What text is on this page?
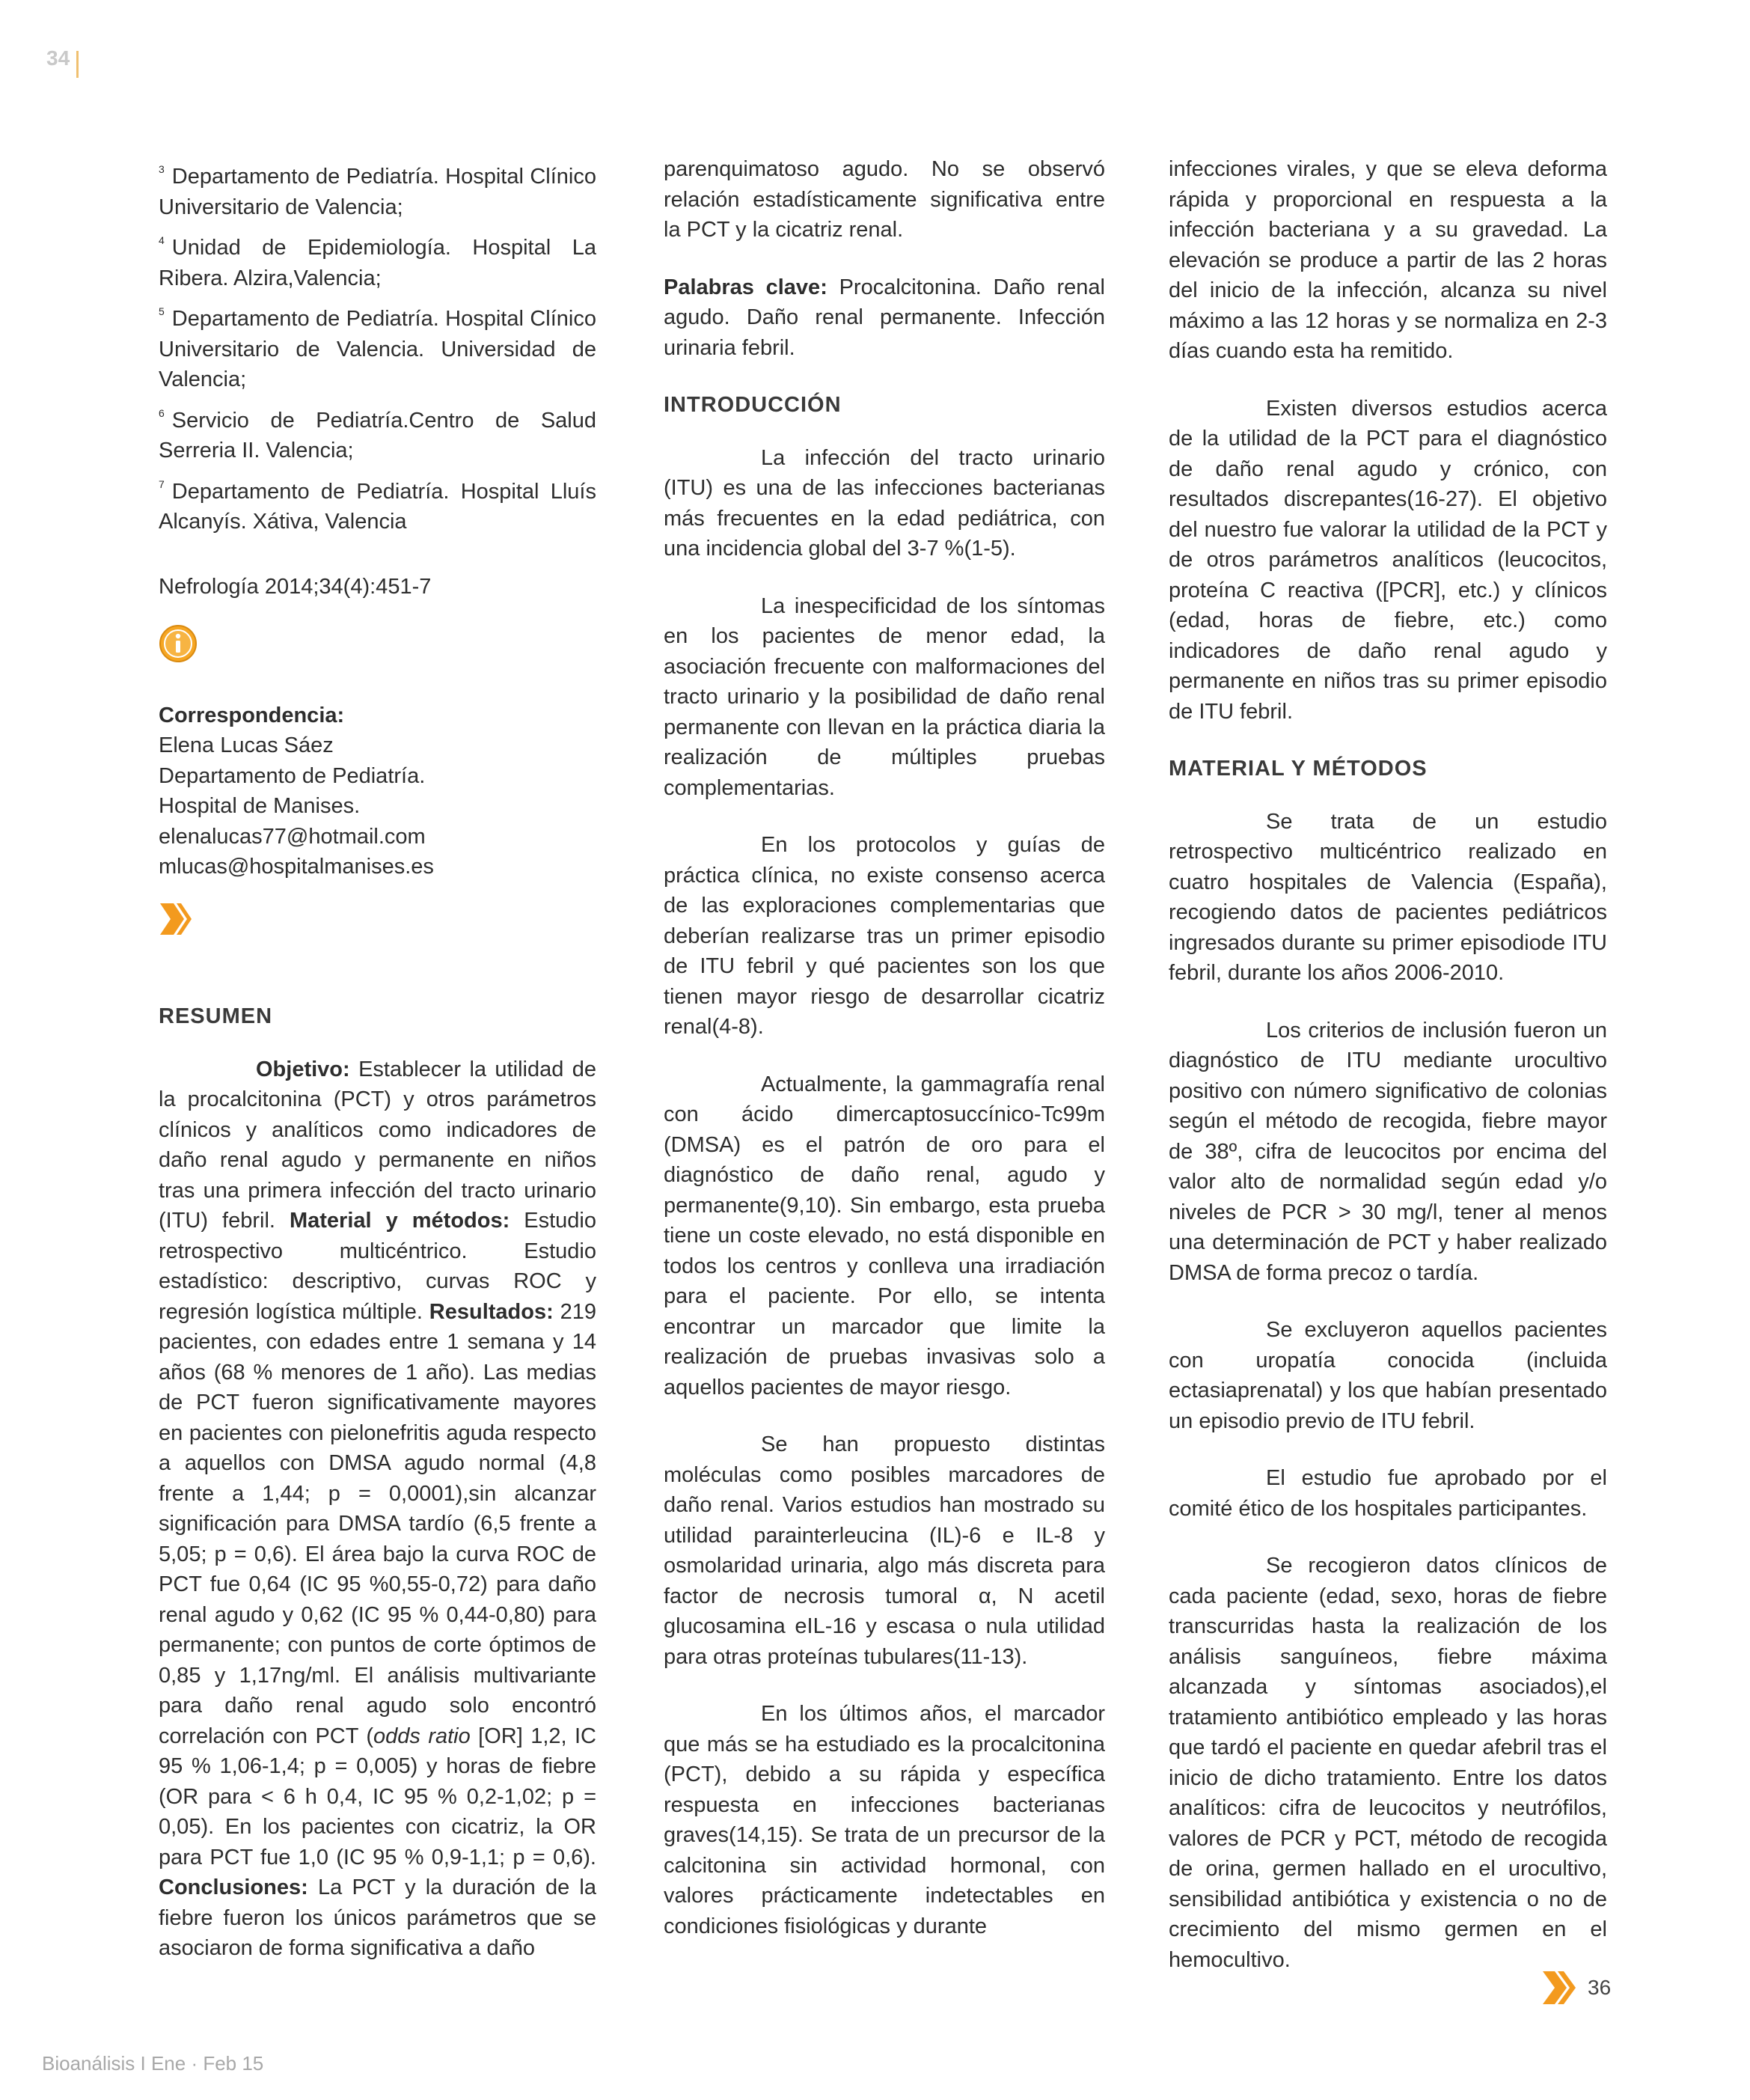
34
$^3$ Departamento de Pediatría. Hospital Clínico Universitario de Valencia;
$^4$ Unidad de Epidemiología. Hospital La Ribera. Alzira,Valencia;
$^5$ Departamento de Pediatría. Hospital Clínico Universitario de Valencia. Universidad de Valencia;
$^6$ Servicio de Pediatría.Centro de Salud Serreria II. Valencia;
$^7$ Departamento de Pediatría. Hospital Lluís Alcanyís. Xátiva, Valencia

Nefrología 2014;34(4):451-7

Correspondencia:
Elena Lucas Sáez
Departamento de Pediatría.
Hospital de Manises.
elenalucas77@hotmail.com
mlucas@hospitalmanises.es
RESUMEN

Objetivo: Establecer la utilidad de la procalcitonina (PCT) y otros parámetros clínicos y analíticos como indicadores de daño renal agudo y permanente en niños tras una primera infección del tracto urinario (ITU) febril. Material y métodos: Estudio retrospectivo multicéntrico. Estudio estadístico: descriptivo, curvas ROC y regresión logística múltiple. Resultados: 219 pacientes, con edades entre 1 semana y 14 años (68 % menores de 1 año). Las medias de PCT fueron significativamente mayores en pacientes con pielonefritis aguda respecto a aquellos con DMSA agudo normal (4,8 frente a 1,44; p = 0,0001),sin alcanzar significación para DMSA tardío (6,5 frente a 5,05; p = 0,6). El área bajo la curva ROC de PCT fue 0,64 (IC 95 %0,55-0,72) para daño renal agudo y 0,62 (IC 95 % 0,44-0,80) para permanente; con puntos de corte óptimos de 0,85 y 1,17ng/ml. El análisis multivariante para daño renal agudo solo encontró correlación con PCT (odds ratio [OR] 1,2, IC 95 % 1,06-1,4; p = 0,005) y horas de fiebre (OR para < 6 h 0,4, IC 95 % 0,2-1,02; p = 0,05). En los pacientes con cicatriz, la OR para PCT fue 1,0 (IC 95 % 0,9-1,1; p = 0,6). Conclusiones: La PCT y la duración de la fiebre fueron los únicos parámetros que se asociaron de forma significativa a daño

parenquimatoso agudo. No se observó relación estadísticamente significativa entre la PCT y la cicatriz renal.

Palabras clave: Procalcitonina. Daño renal agudo. Daño renal permanente. Infección urinaria febril.

INTRODUCCIÓN

La infección del tracto urinario (ITU) es una de las infecciones bacterianas más frecuentes en la edad pediátrica, con una incidencia global del 3-7 %(1-5).

La inespecificidad de los síntomas en los pacientes de menor edad, la asociación frecuente con malformaciones del tracto urinario y la posibilidad de daño renal permanente con llevan en la práctica diaria la realización de múltiples pruebas complementarias.

En los protocolos y guías de práctica clínica, no existe consenso acerca de las exploraciones complementarias que deberían realizarse tras un primer episodio de ITU febril y qué pacientes son los que tienen mayor riesgo de desarrollar cicatriz renal(4-8).

Actualmente, la gammagrafía renal con ácido dimercaptosuccínico-Tc99m (DMSA) es el patrón de oro para el diagnóstico de daño renal, agudo y permanente(9,10). Sin embargo, esta prueba tiene un coste elevado, no está disponible en todos los centros y conlleva una irradiación para el paciente. Por ello, se intenta encontrar un marcador que limite la realización de pruebas invasivas solo a aquellos pacientes de mayor riesgo.

Se han propuesto distintas moléculas como posibles marcadores de daño renal. Varios estudios han mostrado su utilidad parainterleucina (IL)-6 e IL-8 y osmolaridad urinaria, algo más discreta para factor de necrosis tumoral α, N acetil glucosamina eIL-16 y escasa o nula utilidad para otras proteínas tubulares(11-13).

En los últimos años, el marcador que más se ha estudiado es la procalcitonina (PCT), debido a su rápida y específica respuesta en infecciones bacterianas graves(14,15). Se trata de un precursor de la calcitonina sin actividad hormonal, con valores prácticamente indetectables en condiciones fisiológicas y durante

infecciones virales, y que se eleva deforma rápida y proporcional en respuesta a la infección bacteriana y a su gravedad. La elevación se produce a partir de las 2 horas del inicio de la infección, alcanza su nivel máximo a las 12 horas y se normaliza en 2-3 días cuando esta ha remitido.

Existen diversos estudios acerca de la utilidad de la PCT para el diagnóstico de daño renal agudo y crónico, con resultados discrepantes(16-27). El objetivo del nuestro fue valorar la utilidad de la PCT y de otros parámetros analíticos (leucocitos, proteína C reactiva ([PCR], etc.) y clínicos (edad, horas de fiebre, etc.) como indicadores de daño renal agudo y permanente en niños tras su primer episodio de ITU febril.

MATERIAL Y MÉTODOS

Se trata de un estudio retrospectivo multicéntrico realizado en cuatro hospitales de Valencia (España), recogiendo datos de pacientes pediátricos ingresados durante su primer episodiode ITU febril, durante los años 2006-2010.

Los criterios de inclusión fueron un diagnóstico de ITU mediante urocultivo positivo con número significativo de colonias según el método de recogida, fiebre mayor de 38º, cifra de leucocitos por encima del valor alto de normalidad según edad y/o niveles de PCR > 30 mg/l, tener al menos una determinación de PCT y haber realizado DMSA de forma precoz o tardía.

Se excluyeron aquellos pacientes con uropatía conocida (incluida ectasiaprenatal) y los que habían presentado un episodio previo de ITU febril.

El estudio fue aprobado por el comité ético de los hospitales participantes.

Se recogieron datos clínicos de cada paciente (edad, sexo, horas de fiebre transcurridas hasta la realización de los análisis sanguíneos, fiebre máxima alcanzada y síntomas asociados),el tratamiento antibiótico empleado y las horas que tardó el paciente en quedar afebril tras el inicio de dicho tratamiento. Entre los datos analíticos: cifra de leucocitos y neutrófilos, valores de PCR y PCT, método de recogida de orina, germen hallado en el urocultivo, sensibilidad antibiótica y existencia o no de crecimiento del mismo germen en el hemocultivo.

36
Bioanálisis I Ene · Feb 15
